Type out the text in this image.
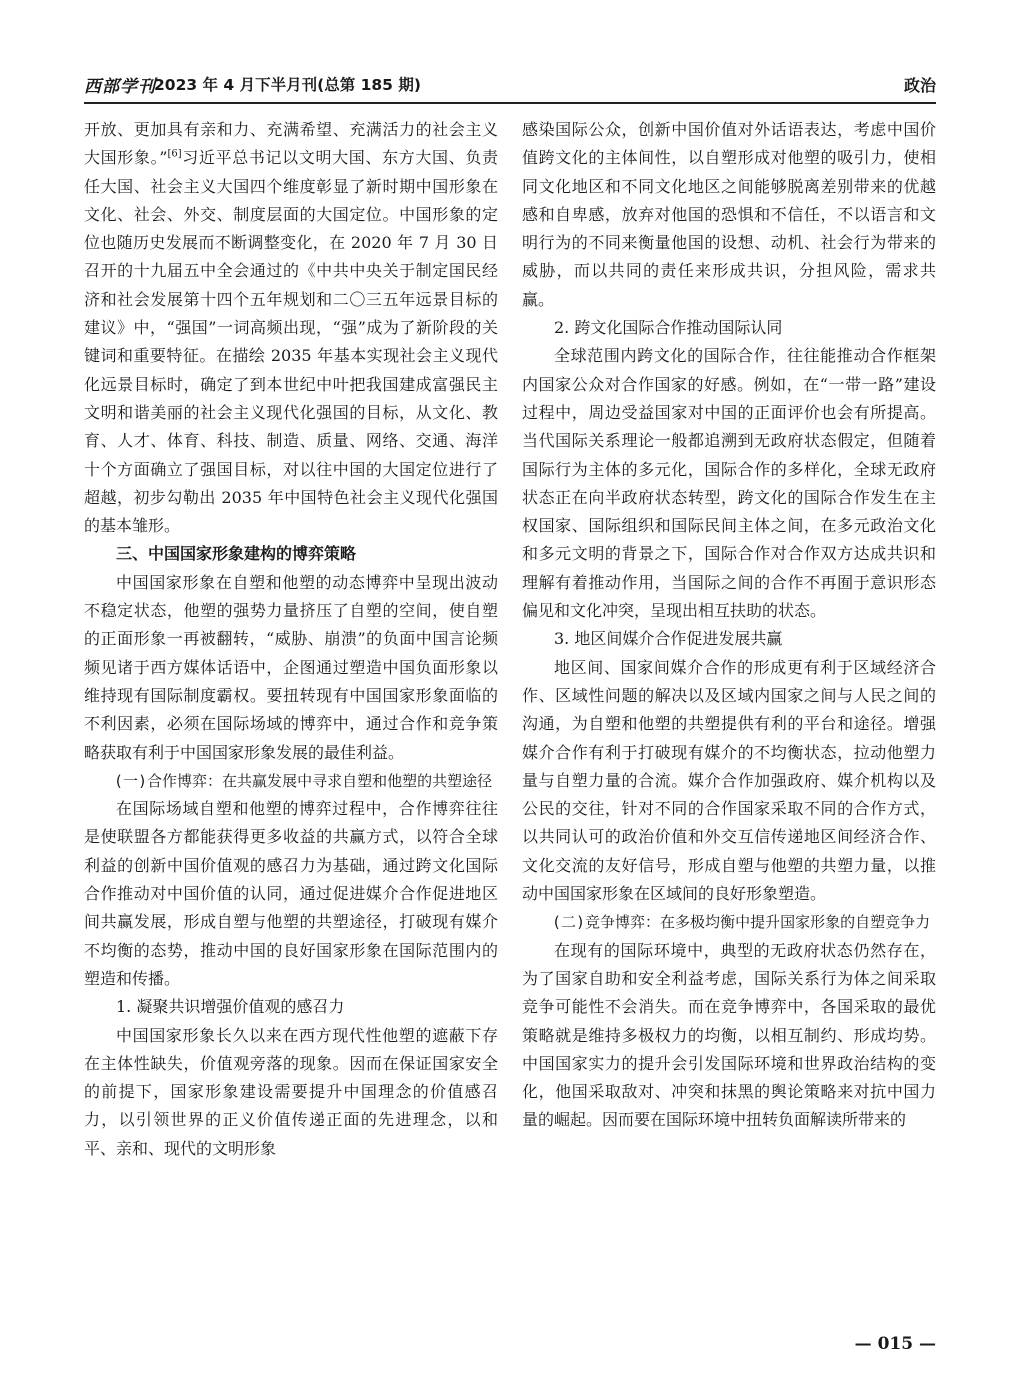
西部学刊
2023 年 4 月下半月刊(总第 185 期)	政治

开放、更加具有亲和力、充满希望、充满活力的社会主义大国形象。”[6]习近平总书记以文明大国、东方大国、负责任大国、社会主义大国四个维度彰显了新时期中国形象在文化、社会、外交、制度层面的大国定位。中国形象的定位也随历史发展而不断调整变化，在 2020 年 7 月 30 日召开的十九届五中全会通过的《中共中央关于制定国民经济和社会发展第十四个五年规划和二〇三五年远景目标的建议》中，“强国”一词高频出现，“强”成为了新阶段的关键词和重要特征。在描绘 2035 年基本实现社会主义现代化远景目标时，确定了到本世纪中叶把我国建成富强民主文明和谐美丽的社会主义现代化强国的目标，从文化、教育、人才、体育、科技、制造、质量、网络、交通、海洋十个方面确立了强国目标，对以往中国的大国定位进行了超越，初步勾勒出 2035 年中国特色社会主义现代化强国的基本雏形。

三、中国国家形象建构的博弈策略

中国国家形象在自塑和他塑的动态博弈中呈现出波动不稳定状态，他塑的强势力量挤压了自塑的空间，使自塑的正面形象一再被翻转，“威胁、崩溃”的负面中国言论频频见诸于西方媒体话语中，企图通过塑造中国负面形象以维持现有国际制度霸权。要扭转现有中国国家形象面临的不利因素，必须在国际场域的博弈中，通过合作和竞争策略获取有利于中国国家形象发展的最佳利益。

(一)合作博弈：在共赢发展中寻求自塑和他塑的共塑途径

在国际场域自塑和他塑的博弈过程中，合作博弈往往是使联盟各方都能获得更多收益的共赢方式，以符合全球利益的创新中国价值观的感召力为基础，通过跨文化国际合作推动对中国价值的认同，通过促进媒介合作促进地区间共赢发展，形成自塑与他塑的共塑途径，打破现有媒介不均衡的态势，推动中国的良好国家形象在国际范围内的塑造和传播。

1. 凝聚共识增强价值观的感召力

中国国家形象长久以来在西方现代性他塑的遮蔽下存在主体性缺失，价值观旁落的现象。因而在保证国家安全的前提下，国家形象建设需要提升中国理念的价值感召力，以引领世界的正义价值传递正面的先进理念，以和平、亲和、现代的文明形象

感染国际公众，创新中国价值对外话语表达，考虑中国价值跨文化的主体间性，以自塑形成对他塑的吸引力，使相同文化地区和不同文化地区之间能够脱离差别带来的优越感和自卑感，放弃对他国的恐惧和不信任，不以语言和文明行为的不同来衡量他国的设想、动机、社会行为带来的威胁，而以共同的责任来形成共识，分担风险，需求共赢。

2. 跨文化国际合作推动国际认同

全球范围内跨文化的国际合作，往往能推动合作框架内国家公众对合作国家的好感。例如，在“一带一路”建设过程中，周边受益国家对中国的正面评价也会有所提高。当代国际关系理论一般都追溯到无政府状态假定，但随着国际行为主体的多元化，国际合作的多样化，全球无政府状态正在向半政府状态转型，跨文化的国际合作发生在主权国家、国际组织和国际民间主体之间，在多元政治文化和多元文明的背景之下，国际合作对合作双方达成共识和理解有着推动作用，当国际之间的合作不再囿于意识形态偏见和文化冲突，呈现出相互扶助的状态。

3. 地区间媒介合作促进发展共赢

地区间、国家间媒介合作的形成更有利于区域经济合作、区域性问题的解决以及区域内国家之间与人民之间的沟通，为自塑和他塑的共塑提供有利的平台和途径。增强媒介合作有利于打破现有媒介的不均衡状态，拉动他塑力量与自塑力量的合流。媒介合作加强政府、媒介机构以及公民的交往，针对不同的合作国家采取不同的合作方式，以共同认可的政治价值和外交互信传递地区间经济合作、文化交流的友好信号，形成自塑与他塑的共塑力量，以推动中国国家形象在区域间的良好形象塑造。

(二)竞争博弈：在多极均衡中提升国家形象的自塑竞争力

在现有的国际环境中，典型的无政府状态仍然存在，为了国家自助和安全利益考虑，国际关系行为体之间采取竞争可能性不会消失。而在竞争博弈中，各国采取的最优策略就是维持多极权力的均衡，以相互制约、形成均势。中国国家实力的提升会引发国际环境和世界政治结构的变化，他国采取敌对、冲突和抹黑的舆论策略来对抗中国力量的崛起。因而要在国际环境中扭转负面解读所带来的

— 015 —
